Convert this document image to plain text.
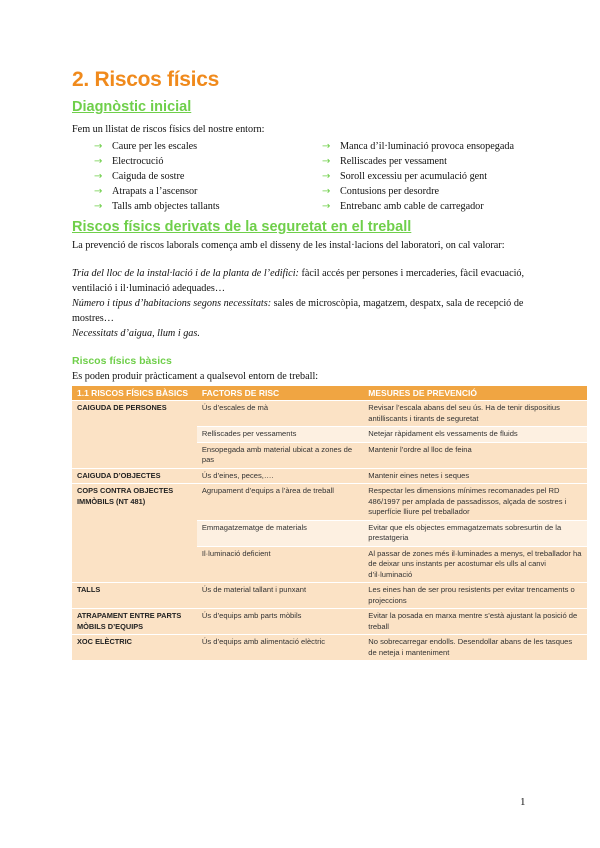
2. Riscos físics
Diagnòstic inicial
Fem un llistat de riscos físics del nostre entorn:
→ Caure per les escales
→ Electrocució
→ Caiguda de sostre
→ Atrapats a l’ascensor
→ Talls amb objectes tallants
→ Manca d’il·luminació provoca ensopegada
→ Relliscades per vessament
→ Soroll excessiu per acumulació gent
→ Contusions per desordre
→ Entrebanc amb cable de carregador
Riscos físics derivats de la seguretat en el treball
La prevenció de riscos laborals comença amb el disseny de les instal·lacions del laboratori, on cal valorar:
Tria del lloc de la instal·lació i de la planta de l’edifici: fàcil accés per persones i mercaderies, fàcil evacuació, ventilació i il·luminació adequades…
Número i tipus d’habitacions segons necessitats: sales de microscòpia, magatzem, despatx, sala de recepció de mostres…
Necessitats d’aigua, llum i gas.
Riscos físics bàsics
Es poden produir pràcticament a qualsevol entorn de treball:
1.1 RISCOS FÍSICS BÀSICS	FACTORS DE RISC	MESURES DE PREVENCIÓ
CAIGUDA DE PERSONES	Ús d’escales de mà	Revisar l’escala abans del seu ús. Ha de tenir dispositius antilliscants i tirants de seguretat
	Relliscades per vessaments	Netejar ràpidament els vessaments de fluids
	Ensopegada amb material ubicat a zones de pas	Mantenir l’ordre al lloc de feina
CAIGUDA D’OBJECTES	Ús d’eines, peces,….	Mantenir eines netes i seques
COPS CONTRA OBJECTES IMMÒBILS (NT 481)	Agrupament d’equips a l’àrea de treball	Respectar les dimensions mínimes recomanades pel RD 486/1997 per amplada de passadissos, alçada de sostres i superfície lliure pel treballador
	Emmagatzematge de materials	Evitar que els objectes emmagatzemats sobresurtin de la prestatgeria
	Il·luminació deficient	Al passar de zones més il·luminades a menys, el treballador ha de deixar uns instants per acostumar els ulls al canvi d’il·luminació
TALLS	Ús de material tallant i punxant	Les eines han de ser prou resistents per evitar trencaments o projeccions
ATRAPAMENT ENTRE PARTS MÒBILS D’EQUIPS	Ús d’equips amb parts mòbils	Evitar la posada en marxa mentre s’està ajustant la posició de treball
XOC ELÈCTRIC	Ús d’equips amb alimentació elèctric	No sobrecarregar endolls. Desendollar abans de les tasques de neteja i manteniment
1
